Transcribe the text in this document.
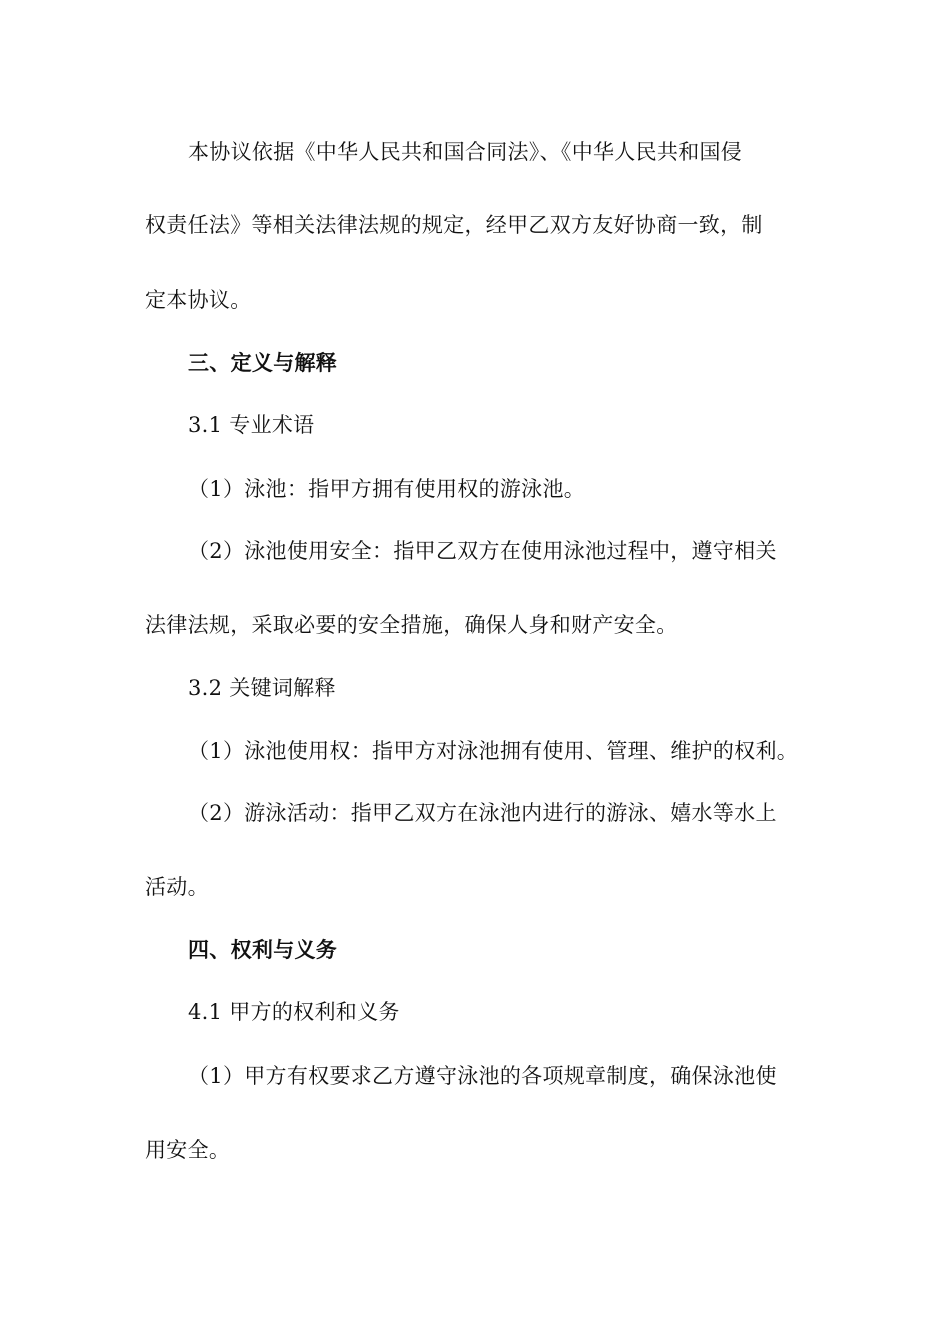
本协议依据《中华人民共和国合同法》、《中华人民共和国侵
权责任法》等相关法律法规的规定，经甲乙双方友好协商一致，制
定本协议。
三、定义与解释
3.1 专业术语
（1）泳池：指甲方拥有使用权的游泳池。
（2）泳池使用安全：指甲乙双方在使用泳池过程中，遵守相关
法律法规，采取必要的安全措施，确保人身和财产安全。
3.2 关键词解释
（1）泳池使用权：指甲方对泳池拥有使用、管理、维护的权利。
（2）游泳活动：指甲乙双方在泳池内进行的游泳、嬉水等水上
活动。
四、权利与义务
4.1 甲方的权利和义务
（1）甲方有权要求乙方遵守泳池的各项规章制度，确保泳池使
用安全。
